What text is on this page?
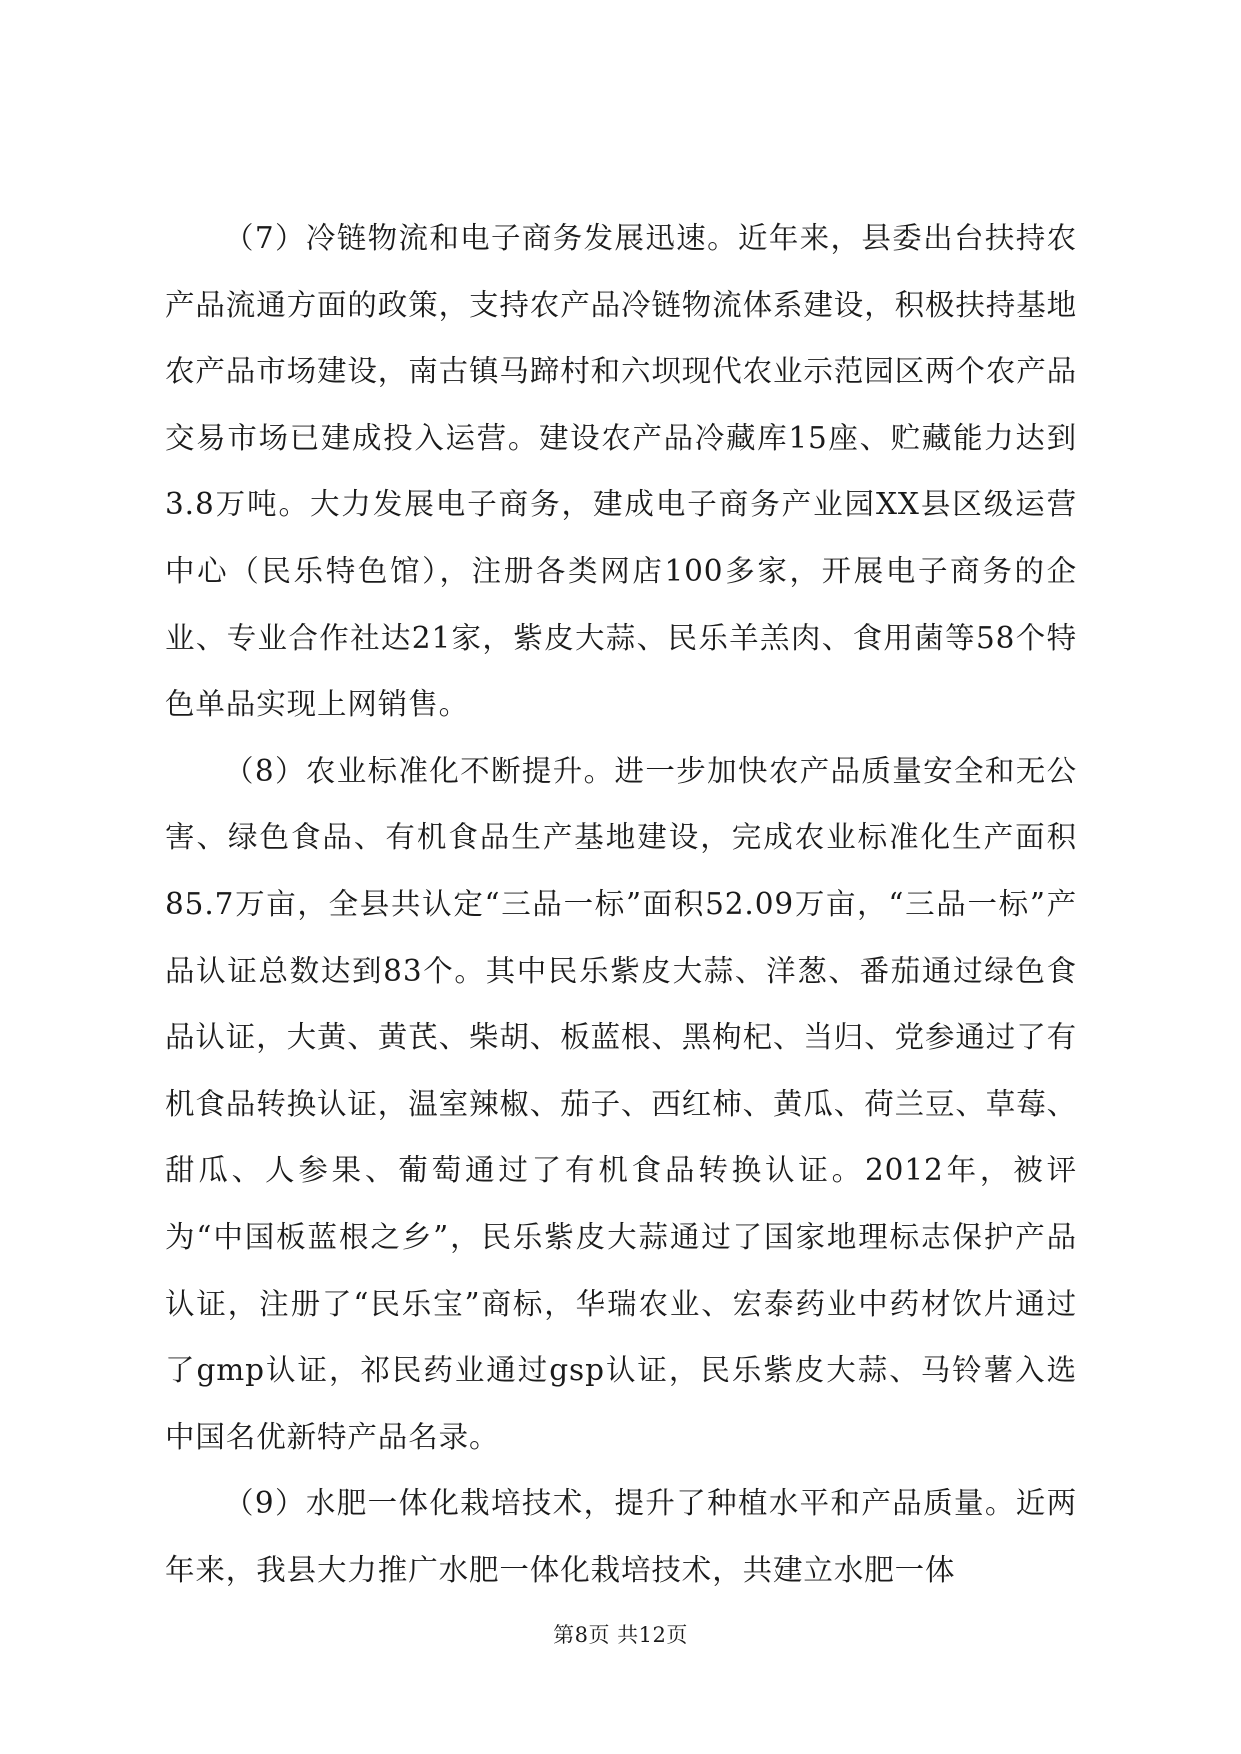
（7）冷链物流和电子商务发展迅速。近年来，县委出台扶持农产品流通方面的政策，支持农产品冷链物流体系建设，积极扶持基地农产品市场建设，南古镇马蹄村和六坝现代农业示范园区两个农产品交易市场已建成投入运营。建设农产品冷藏库15座、贮藏能力达到3.8万吨。大力发展电子商务，建成电子商务产业园XX县区级运营中心（民乐特色馆），注册各类网店100多家，开展电子商务的企业、专业合作社达21家，紫皮大蒜、民乐羊羔肉、食用菌等58个特色单品实现上网销售。

（8）农业标准化不断提升。进一步加快农产品质量安全和无公害、绿色食品、有机食品生产基地建设，完成农业标准化生产面积85.7万亩，全县共认定“三品一标”面积52.09万亩，“三品一标”产品认证总数达到83个。其中民乐紫皮大蒜、洋葱、番茄通过绿色食品认证，大黄、黄芪、柴胡、板蓝根、黑枸杞、当归、党参通过了有机食品转换认证，温室辣椒、茄子、西红柿、黄瓜、荷兰豆、草莓、甜瓜、人参果、葡萄通过了有机食品转换认证。2012年，被评为“中国板蓝根之乡”，民乐紫皮大蒜通过了国家地理标志保护产品认证，注册了“民乐宝”商标，华瑞农业、宏泰药业中药材饮片通过了gmp认证，祁民药业通过gsp认证，民乐紫皮大蒜、马铃薯入选中国名优新特产品名录。

（9）水肥一体化栽培技术，提升了种植水平和产品质量。近两年来，我县大力推广水肥一体化栽培技术，共建立水肥一体

第8页 共12页
